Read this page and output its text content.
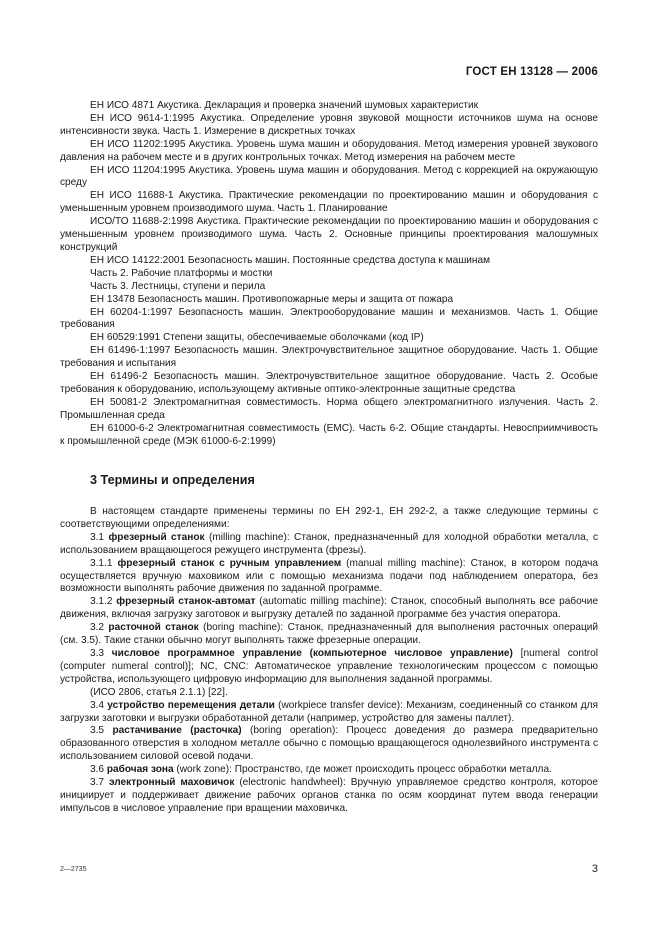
ГОСТ ЕН 13128 — 2006

ЕН ИСО 4871 Акустика. Декларация и проверка значений шумовых характеристик

ЕН ИСО 9614-1:1995 Акустика. Определение уровня звуковой мощности источников шума на основе интенсивности звука. Часть 1. Измерение в дискретных точках

ЕН ИСО 11202:1995 Акустика. Уровень шума машин и оборудования. Метод измерения уровней звукового давления на рабочем месте и в других контрольных точках. Метод измерения на рабочем месте

ЕН ИСО 11204:1995 Акустика. Уровень шума машин и оборудования. Метод с коррекцией на окружающую среду

ЕН ИСО 11688-1 Акустика. Практические рекомендации по проектированию машин и оборудования с уменьшенным уровнем производимого шума. Часть 1. Планирование

ИСО/ТО 11688-2:1998 Акустика. Практические рекомендации по проектированию машин и оборудования с уменьшенным уровнем производимого шума. Часть 2. Основные принципы проектирования малошумных конструкций

ЕН ИСО 14122:2001 Безопасность машин. Постоянные средства доступа к машинам

Часть 2. Рабочие платформы и мостки

Часть 3. Лестницы, ступени и перила

ЕН 13478 Безопасность машин. Противопожарные меры и защита от пожара

ЕН 60204-1:1997 Безопасность машин. Электрооборудование машин и механизмов. Часть 1. Общие требования

ЕН 60529:1991 Степени защиты, обеспечиваемые оболочками (код IP)

ЕН 61496-1:1997 Безопасность машин. Электрочувствительное защитное оборудование. Часть 1. Общие требования и испытания

ЕН 61496-2 Безопасность машин. Электрочувствительное защитное оборудование. Часть 2. Особые требования к оборудованию, использующему активные оптико-электронные защитные средства

ЕН 50081-2 Электромагнитная совместимость. Норма общего электромагнитного излучения. Часть 2. Промышленная среда

ЕН 61000-6-2 Электромагнитная совместимость (ЕМС). Часть 6-2. Общие стандарты. Невосприимчивость к промышленной среде (МЭК 61000-6-2:1999)

3 Термины и определения

В настоящем стандарте применены термины по ЕН 292-1, ЕН 292-2, а также следующие термины с соответствующими определениями:

3.1 фрезерный станок (milling machine): Станок, предназначенный для холодной обработки металла, с использованием вращающегося режущего инструмента (фрезы).

3.1.1 фрезерный станок с ручным управлением (manual milling machine): Станок, в котором подача осуществляется вручную маховиком или с помощью механизма подачи под наблюдением оператора, без возможности выполнять рабочие движения по заданной программе.

3.1.2 фрезерный станок-автомат (automatic milling machine): Станок, способный выполнять все рабочие движения, включая загрузку заготовок и выгрузку деталей по заданной программе без участия оператора.

3.2 расточной станок (boring machine): Станок, предназначенный для выполнения расточных операций (см. 3.5). Такие станки обычно могут выполнять также фрезерные операции.

3.3 числовое программное управление (компьютерное числовое управление) [numeral control (computer numeral control)]; NC, CNC: Автоматическое управление технологическим процессом с помощью устройства, использующего цифровую информацию для выполнения заданной программы.

(ИСО 2806, статья 2.1.1) [22].

3.4 устройство перемещения детали (workpiece transfer device): Механизм, соединенный со станком для загрузки заготовки и выгрузки обработанной детали (например, устройство для замены паллет).

3.5 растачивание (расточка) (boring operation): Процесс доведения до размера предварительно образованного отверстия в холодном металле обычно с помощью вращающегося однолезвийного инструмента с использованием силовой осевой подачи.

3.6 рабочая зона (work zone): Пространство, где может происходить процесс обработки металла.

3.7 электронный маховичок (electronic handwheel): Вручную управляемое средство контроля, которое инициирует и поддерживает движение рабочих органов станка по осям координат путем ввода генерации импульсов в числовое управление при вращении маховичка.

2—2735	3
